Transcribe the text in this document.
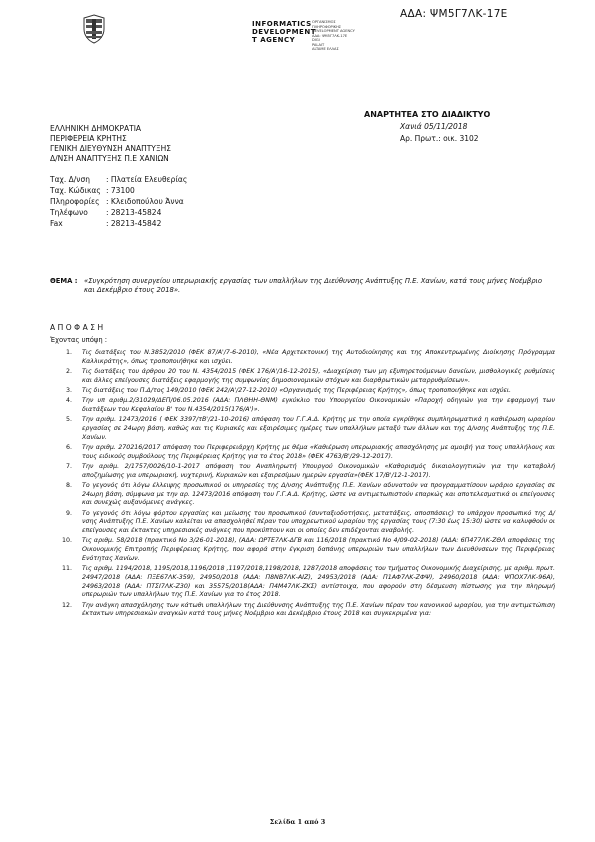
ΑΔΑ: ΨΜ5Γ7ΛΚ-17Ε
INFORMATICS
DEVELOPMENT
T AGENCY
ΟΡΓΑΝΙΣΜΟΣ
ΠΛΗΡΟΦΟΡΙΚΗΣ
DEVELOPMENT AGENCY
ΑΔΑ: ΨΜ5Γ7ΛΚ-17Ε
DIGI
PALAIT
ALTAME ΕΛΛΑΣ
ΑΝΑΡΤΗΤΕΑ ΣΤΟ ΔΙΑΔΙΚΤΥΟ
Χανιά 05/11/2018
Αρ. Πρωτ.: οικ. 3102
ΕΛΛΗΝΙΚΗ ΔΗΜΟΚΡΑΤΙΑ
ΠΕΡΙΦΕΡΕΙΑ ΚΡΗΤΗΣ
ΓΕΝΙΚΗ ΔΙΕΥΘΥΝΣΗ ΑΝΑΠΤΥΞΗΣ
Δ/ΝΣΗ ΑΝΑΠΤΥΞΗΣ Π.Ε ΧΑΝΙΩΝ
Ταχ. Δ/νση	: Πλατεία Ελευθερίας
Ταχ. Κώδικας : 73100
Πληροφορίες : Κλειδοπούλου Άννα
Τηλέφωνο	: 28213-45824
Fax	: 28213-45842
ΘΕΜΑ : «Συγκρότηση συνεργείου υπερωριακής εργασίας των υπαλλήλων της Διεύθυνσης Ανάπτυξης Π.Ε. Χανίων, κατά τους μήνες Νοέμβριο και Δεκέμβριο έτους 2018».
ΑΠΟΦΑΣΗ
Έχοντας υπόψη :
1.	Τις διατάξεις του Ν.3852/2010 (ΦΕΚ 87/Α'/7-6-2010), «Νέα Αρχιτεκτονική της Αυτοδιοίκησης και της Αποκεντρωμένης Διοίκησης Πρόγραμμα Καλλικράτης», όπως τροποποιήθηκε και ισχύει.
2.	Τις διατάξεις του άρθρου 20 του Ν. 4354/2015 (ΦΕΚ 176/Α'/16-12-2015), «Διαχείριση των μη εξυπηρετούμενων δανείων, μισθολογικές ρυθμίσεις και άλλες επείγουσες διατάξεις εφαρμογής της συμφωνίας δημοσιονομικών στόχων και διαρθρωτικών μεταρρυθμίσεων».
3.	Τις διατάξεις του Π.Δ/τος 149/2010 (ΦΕΚ 242/Α'/27-12-2010) «Οργανισμός της Περιφέρειας Κρήτης», όπως τροποποιήθηκε και ισχύει.
4.	Την υπ αριθμ.2/31029/ΔΕΠ/06.05.2016 (ΑΔΑ: ΠΛΘΗΗ-ΘΝΜ) εγκύκλιο του Υπουργείου Οικονομικών «Παροχή οδηγιών για την εφαρμογή των διατάξεων του Κεφαλαίου Β' του Ν.4354/2015(176/Α')».
5.	Την αριθμ. 12473/2016 ( ΦΕΚ 3397/τΒ'/21-10-2016) απόφαση του Γ.Γ.Α.Δ. Κρήτης με την οποία εγκρίθηκε συμπληρωματικά η καθιέρωση ωραρίου εργασίας σε 24ωρη βάση, καθώς και τις Κυριακές και εξαιρέσιμες ημέρες των υπαλλήλων μεταξύ των άλλων και της Δ/νσης Ανάπτυξης της Π.Ε. Χανίων.
6.	Την αριθμ. 270216/2017 απόφαση του Περιφερειάρχη Κρήτης με θέμα «Καθιέρωση υπερωριακής απασχόλησης με αμοιβή για τους υπαλλήλους και τους ειδικούς συμβούλους της Περιφέρειας Κρήτης για το έτος 2018» (ΦΕΚ 4763/Β'/29-12-2017).
7.	Την αριθμ. 2/1757/0026/10-1-2017 απόφαση του Αναπληρωτή Υπουργού Οικονομικών «Καθορισμός δικαιολογητικών για την καταβολή αποζημίωσης για υπερωριακή, νυχτερινή, Κυριακών και εξαιρεσίμων ημερών εργασία»(ΦΕΚ 17/Β'/12-1-2017).
8.	Το γεγονός ότι λόγω έλλειψης προσωπικού οι υπηρεσίες της Δ/νσης Ανάπτυξης Π.Ε. Χανίων αδυνατούν να προγραμματίσουν ωράριο εργασίας σε 24ωρη βάση, σύμφωνα με την αρ. 12473/2016 απόφαση του Γ.Γ.Α.Δ. Κρήτης, ώστε να αντιμετωπιστούν επαρκώς και αποτελεσματικά οι επείγουσες και συνεχώς αυξανόμενες ανάγκες.
9.	Το γεγονός ότι λόγω φόρτου εργασίας και μείωσης του προσωπικού (συνταξιοδοτήσεις, μετατάξεις, αποσπάσεις) το υπάρχον προσωπικό της Δ/νσης Ανάπτυξης Π.Ε. Χανίων καλείται να απασχοληθεί πέραν του υποχρεωτικού ωραρίου της εργασίας τους (7:30 έως 15:30) ώστε να καλυφθούν οι επείγουσες και έκτακτες υπηρεσιακές ανάγκες που προκύπτουν και οι οποίες δεν επιδέχονται αναβολής.
10.	Τις αριθμ. 58/2018 (πρακτικό Νο 3/26-01-2018), (ΑΔΑ: ΩΡΤΕ7ΛΚ-ΔΓΒ και 116/2018 (πρακτικό Νο 4/09-02-2018) (ΑΔΑ: 6Π477ΛΚ-ΖΘΛ αποφάσεις της Οικονομικής Επιτροπής Περιφέρειας Κρήτης, που αφορά στην έγκριση δαπάνης υπερωριών των υπαλλήλων των Διευθύνσεων της Περιφέρειας Ενότητας Χανίων.
11.	Τις αριθμ. 1194/2018, 1195/2018,1196/2018 ,1197/2018,1198/2018, 1287/2018 αποφάσεις του τμήματος Οικονομικής Διαχείρισης, με αριθμ. πρωτ. 24947/2018 (ΑΔΑ: ΠΞΕ67ΛΚ-359), 24950/2018 (ΑΔΑ: Π8ΝΒ7ΛΚ-ΑΙΖ), 24953/2018 (ΑΔΑ: Π1ΑΦ7ΛΚ-ΖΦΨ), 24960/2018 (ΑΔΑ: ΨΠΟΧ7ΛΚ-96Α), 24963/2018 (ΑΔΑ: ΠΤΣΙ7ΛΚ-Ζ30) και 35575/2018(ΑΔΑ: Π4Μ47ΛΚ-ΖΚΣ) αντίστοιχα, που αφορούν στη δέσμευση πίστωσης για την πληρωμή υπερωριών των υπαλλήλων της Π.Ε. Χανίων για το έτος 2018.
12.	Την ανάγκη απασχόλησης των κάτωθι υπαλλήλων της Διεύθυνσης Ανάπτυξης της Π.Ε. Χανίων πέραν του κανονικού ωραρίου, για την αντιμετώπιση έκτακτων υπηρεσιακών αναγκών κατά τους μήνες Νοέμβριο και Δεκέμβριο έτους 2018 και συγκεκριμένα για:
Σελίδα 1 από 3
